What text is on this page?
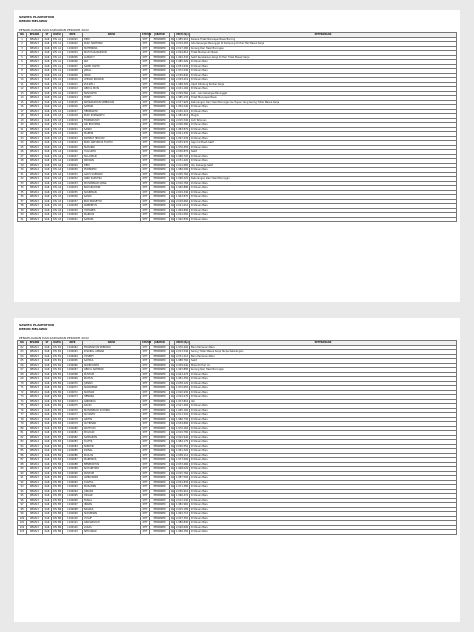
SAWITA PLANTATION
KEBUN MELAWAI
PENGELUARAN DAN KARYAWAN PERIODE 2022
NO	REGION	ST	DIVISI	NIPK	NAMA	STATUS	JABATAN		UPAH (Rp)	KETERANGAN
1	REGN II	KAR	DIV A1	1190001	DEDI	KHT	PEMANEN	Rp	1.985.910	Karena Tidak Mencapai Basis Borong
2	REGN II	KAR	DIV A1	1190002	RUDI HARTONO	KHT	PEMANEN	Rp	2.019.450	Ada Keluarga Meninggal Di Kampung Di Hari Tsb Masuk Kerja
3	REGN II	KAR	DIV A1	1190003	SUHENDRA	KHT	PEMANEN	Rp	2.017.280	Kurang Dari Hasil Borongan
4	REGN II	KAR	DIV A1	1190004	MUH HASANUDDIN	KHT	PEMANEN	Rp	2.004.810	Tidak Memenuhi Basis
5	REGN II	KAR	DIV A1	1190005	ALMAN T	KHT	PEMANEN	Rp	1.994.330	Sakit Kecelakaan Kerja Di Hari Tidak Masuk Kerja
6	REGN II	KAR	DIV A1	1190006	RIO	KHT	PEMANEN	Rp	1.985.420	Di Panen Baru
7	REGN II	KAR	DIV A1	1190007	SAPRI YANTO	KHT	PEMANEN	Rp	2.051.630	Di Panen Baru
8	REGN II	KAR	DIV A1	1190008	JAMAL	KHT	PEMANEN	Rp	1.972.540	Di Panen Baru
9	REGN II	KAR	DIV A1	1190009	IWAN	KHT	PEMANEN	Rp	2.039.840	Di Panen Baru
10	REGN II	KAR	DIV A2	1190010	AHMAD RIDWAN	KHT	PEMANEN	Rp	2.003.210	Di Panen Baru
11	REGN II	KAR	DIV A2	1190011	ZULKIFLI	KHT	PEMANEN	Rp	1.968.320	Upah Dihitung Perhari Kerja
12	REGN II	KAR	DIV A2	1190012	ABDUL MUIS	KHT	PEMANEN	Rp	2.041.160	Di Panen Baru
13	REGN II	KAR	DIV A2	1190013	NOVIANTO	KHT	PEMANEN	Rp	2.009.560	Lain - lain Keluarga Meninggal
14	REGN II	KAR	DIV A2	1190014	PONTI	KHT	PEMANEN	Rp	1.985.130	Tidak Mencapai Basis
15	REGN II	KAR	DIV A2	1190015	KOMARUDDIN SIMBOLON	KHT	PEMANEN	Rp	2.017.920	Kekurangan Dari Hasil Borongan Ke Tujuan Yang Sering Tidak Masuk Kerja
16	REGN II	KAR	DIV A2	1190016	SAMSIR	KHT	PEMANEN	Rp	1.994.240	Di Panen Baru
17	REGN II	KAR	DIV A2	1190017	HERMANTO	KHT	PEMANEN	Rp	2.040.210	Di Panen Baru
18	REGN II	KAR	DIV A3	1190018	BUDI PURWANTO	KHT	PEMANEN	Rp	1.982.610	Mogok
19	REGN II	KAR	DIV A3	1190019	FIRMANSYAH	KHT	PEMANEN	Rp	2.015.540	Cuti Tahunan
20	REGN II	KAR	DIV A3	1190020	ARI BUDIMAN	KHT	PEMANEN	Rp	2.008.480	Di Panen Baru
21	REGN II	KAR	DIV A3	1190021	SANDI	KHT	PEMANEN	Rp	1.983.870	Di Panen Baru
22	REGN II	KAR	DIV A3	1190022	MARTIN	KHT	PEMANEN	Rp	2.021.430	Di Panen Baru
23	REGN II	KAR	DIV A3	1190023	RAHMAT HIDAYAT	KHT	PEMANEN	Rp	1.997.230	Di Panen Baru
24	REGN II	KAR	DIV A3	1190024	BUDI ANTONIUS TURITU	KHT	PEMANEN	Rp	2.025.970	Gaji Cut Buah Sakit
25	REGN II	KAR	DIV A3	1190025	SUHARDI	KHT	PEMANEN	Rp	1.976.350	Di Panen Baru
26	REGN II	KAR	DIV A4	1190026	YULIANTO	KHT	PEMANEN	Rp	2.036.870	Sakit
27	REGN II	KAR	DIV A4	1190027	SULAIMAN	KHT	PEMANEN	Rp	1.966.720	Di Panen Baru
28	REGN II	KAR	DIV A4	1190028	RIDWAN	KHT	PEMANEN	Rp	2.031.420	Di Panen Baru
29	REGN II	KAR	DIV A4	1190029	HERI	KHT	PEMANEN	Rp	2.012.680	Izin Keluarga Sakit
30	REGN II	KAR	DIV A4	1190030	PURNOMO	KHT	PEMANEN	Rp	1.989.590	Di Panen Baru
31	REGN II	KAR	DIV A4	1190031	AGUS SUPRIADI	KHT	PEMANEN	Rp	2.005.760	Di Panen Baru
32	REGN II	KAR	DIV A4	1190032	ANDI SAPUTRA	KHT	PEMANEN	Rp	1.996.220	Kekurangan Dari Hasil Borongan
33	REGN II	KAR	DIV A4	1190033	MUHAMMAD IQBAL	KHT	PEMANEN	Rp	2.010.760	Di Panen Baru
34	REGN II	KAR	DIV A4	1190034	BAHARUDDIN	KHT	PEMANEN	Rp	1.992.880	Di Panen Baru
35	REGN II	KAR	DIV A5	1190035	SUKIRMAN	KHT	PEMANEN	Rp	2.029.340	Di Panen Baru
36	REGN II	KAR	DIV A5	1190036	KASIM	KHT	PEMANEN	Rp	1.963.870	Di Panen Baru
37	REGN II	KAR	DIV A5	1190037	EKO PRASETYO	KHT	PEMANEN	Rp	2.018.660	Di Panen Baru
38	REGN II	KAR	DIV A5	1190038	ROBERTUS	KHT	PEMANEN	Rp	2.021.010	Di Panen Baru
39	REGN II	KAR	DIV A5	1190039	YOHANES	KHT	PEMANEN	Rp	1.969.890	Di Panen Baru
40	REGN II	KAR	DIV A5	1190040	MARKUS	KHT	PEMANEN	Rp	2.022.060	Di Panen Baru
41	REGN II	KAR	DIV A5	1190041	SAMUEL	KHT	PEMANEN	Rp	1.992.830	Di Panen Baru
SAWITA PLANTATION
KEBUN MELAWAI
PENGELUARAN DAN KARYAWAN PERIODE 2022
NO	REGION	ST	DIVISI	NIPK	NAMA	STATUS	JABATAN		UPAH (Rp)	KETERANGAN
62	REGN II	KAR	DIV B1	1190062	FRANSISCUS WIBOWO	KHT	PEMANEN	Rp	1.976.420	Baru Pemanen Baru
63	REGN II	KAR	DIV B1	1190063	KHAIRUL ANWAR	KHT	PEMANEN	Rp	2.013.540	Sering Tidak Masuk Kerja Tanpa Keterangan
64	REGN II	KAR	DIV B1	1190064	YOSEPH	KHT	PEMANEN	Rp	2.031.210	Baru Pemanen Baru
65	REGN II	KAR	DIV B1	1190065	SAHRUL	KHT	PEMANEN	Rp	1.988.760	Sakit
66	REGN II	KAR	DIV B1	1190066	SUPRIYANTO	KHT	PEMANEN	Rp	2.009.640	Mulai Di Hari Ini
67	REGN II	KAR	DIV B1	1190067	ABDUL RAHMAN	KHT	PEMANEN	Rp	1.993.880	Kurang Dari Hasil Borongan
68	REGN II	KAR	DIV B1	1190068	RUSTAM	KHT	PEMANEN	Rp	2.024.470	Di Panen Baru
69	REGN II	KAR	DIV B1	1190069	MATIUS	KHT	PEMANEN	Rp	1.981.350	Di Panen Baru
70	REGN II	KAR	DIV B2	1190070	JUMADI	KHT	PEMANEN	Rp	2.038.120	Di Panen Baru
71	REGN II	KAR	DIV B2	1190071	SUPARMAN	KHT	PEMANEN	Rp	1.979.650	Di Panen Baru
72	REGN II	KAR	DIV B2	1190072	SURYADI	KHT	PEMANEN	Rp	2.016.930	Di Panen Baru
73	REGN II	KAR	DIV B2	1190073	HENDRA	KHT	PEMANEN	Rp	2.004.270	Di Panen Baru
74	REGN II	KAR	DIV B2	1190074	ANDREAS	KHT	PEMANEN	Rp	1.973.810	Izin
75	REGN II	KAR	DIV B2	1190075	DAVID	KHT	PEMANEN	Rp	2.027.400	Di Panen Baru
76	REGN II	KAR	DIV B2	1190076	MUHAMMAD SYAHRIR	KHT	PEMANEN	Rp	1.995.160	Di Panen Baru
77	REGN II	KAR	DIV B3	1190077	SUYANTO	KHT	PEMANEN	Rp	2.011.520	Di Panen Baru
78	REGN II	KAR	DIV B3	1190078	ARIFIN	KHT	PEMANEN	Rp	1.986.730	Di Panen Baru
79	REGN II	KAR	DIV B3	1190079	SUTRISNO	KHT	PEMANEN	Rp	2.034.890	Di Panen Baru
80	REGN II	KAR	DIV B3	1190080	WAHYUDI	KHT	PEMANEN	Rp	1.970.260	Di Panen Baru
81	REGN II	KAR	DIV B3	1190081	MULYADI	KHT	PEMANEN	Rp	2.019.780	Di Panen Baru
82	REGN II	KAR	DIV B3	1190082	SAMSUDIN	KHT	PEMANEN	Rp	2.002.940	Di Panen Baru
83	REGN II	KAR	DIV B3	1190083	TAUFIK	KHT	PEMANEN	Rp	1.984.170	Di Panen Baru
84	REGN II	KAR	DIV B4	1190084	NURDIN	KHT	PEMANEN	Rp	2.026.550	Di Panen Baru
85	REGN II	KAR	DIV B4	1190085	ZAINAL	KHT	PEMANEN	Rp	1.991.320	Di Panen Baru
86	REGN II	KAR	DIV B4	1190086	PAULUS	KHT	PEMANEN	Rp	2.008.110	Di Panen Baru
87	REGN II	KAR	DIV B4	1190087	MARTINUS	KHT	PEMANEN	Rp	1.977.690	Di Panen Baru
88	REGN II	KAR	DIV B4	1190088	BENEDIKTUS	KHT	PEMANEN	Rp	2.033.460	Di Panen Baru
89	REGN II	KAR	DIV B4	1190089	SUHARTONO	KHT	PEMANEN	Rp	1.998.020	Di Panen Baru
90	REGN II	KAR	DIV B4	1190090	ROSTAM	KHT	PEMANEN	Rp	2.015.760	Di Panen Baru
91	REGN II	KAR	DIV B5	1190091	AMIRUDDIN	KHT	PEMANEN	Rp	1.987.590	Di Panen Baru
92	REGN II	KAR	DIV B5	1190092	SYAIFUL	KHT	PEMANEN	Rp	2.022.830	Di Panen Baru
93	REGN II	KAR	DIV B5	1190093	MUSLIMIN	KHT	PEMANEN	Rp	1.971.380	Di Panen Baru
94	REGN II	KAR	DIV B5	1190094	JUNAIDI	KHT	PEMANEN	Rp	2.030.910	Di Panen Baru
95	REGN II	KAR	DIV B5	1190095	HASAN	KHT	PEMANEN	Rp	1.996.470	Di Panen Baru
96	REGN II	KAR	DIV B5	1190096	FAISAL	KHT	PEMANEN	Rp	2.012.240	Di Panen Baru
97	REGN II	KAR	DIV B5	1190097	IRWAN	KHT	PEMANEN	Rp	1.982.960	Di Panen Baru
98	REGN II	KAR	DIV B6	1190098	NASRUL	KHT	PEMANEN	Rp	2.025.180	Di Panen Baru
99	REGN II	KAR	DIV B6	1190099	SUDIRMAN	KHT	PEMANEN	Rp	1.994.710	Di Panen Baru
100	REGN II	KAR	DIV B6	1190100	YUSUF	KHT	PEMANEN	Rp	2.007.350	Di Panen Baru
101	REGN II	KAR	DIV B6	1190101	ARDIANSYAH	KHT	PEMANEN	Rp	1.980.840	Di Panen Baru
102	REGN II	KAR	DIV B6	1190102	LUKAS	KHT	PEMANEN	Rp	2.028.690	Di Panen Baru
103	REGN II	KAR	DIV B6	1190103	SETIAWAN	KHT	PEMANEN	Rp	1.989.150	Di Panen Baru
